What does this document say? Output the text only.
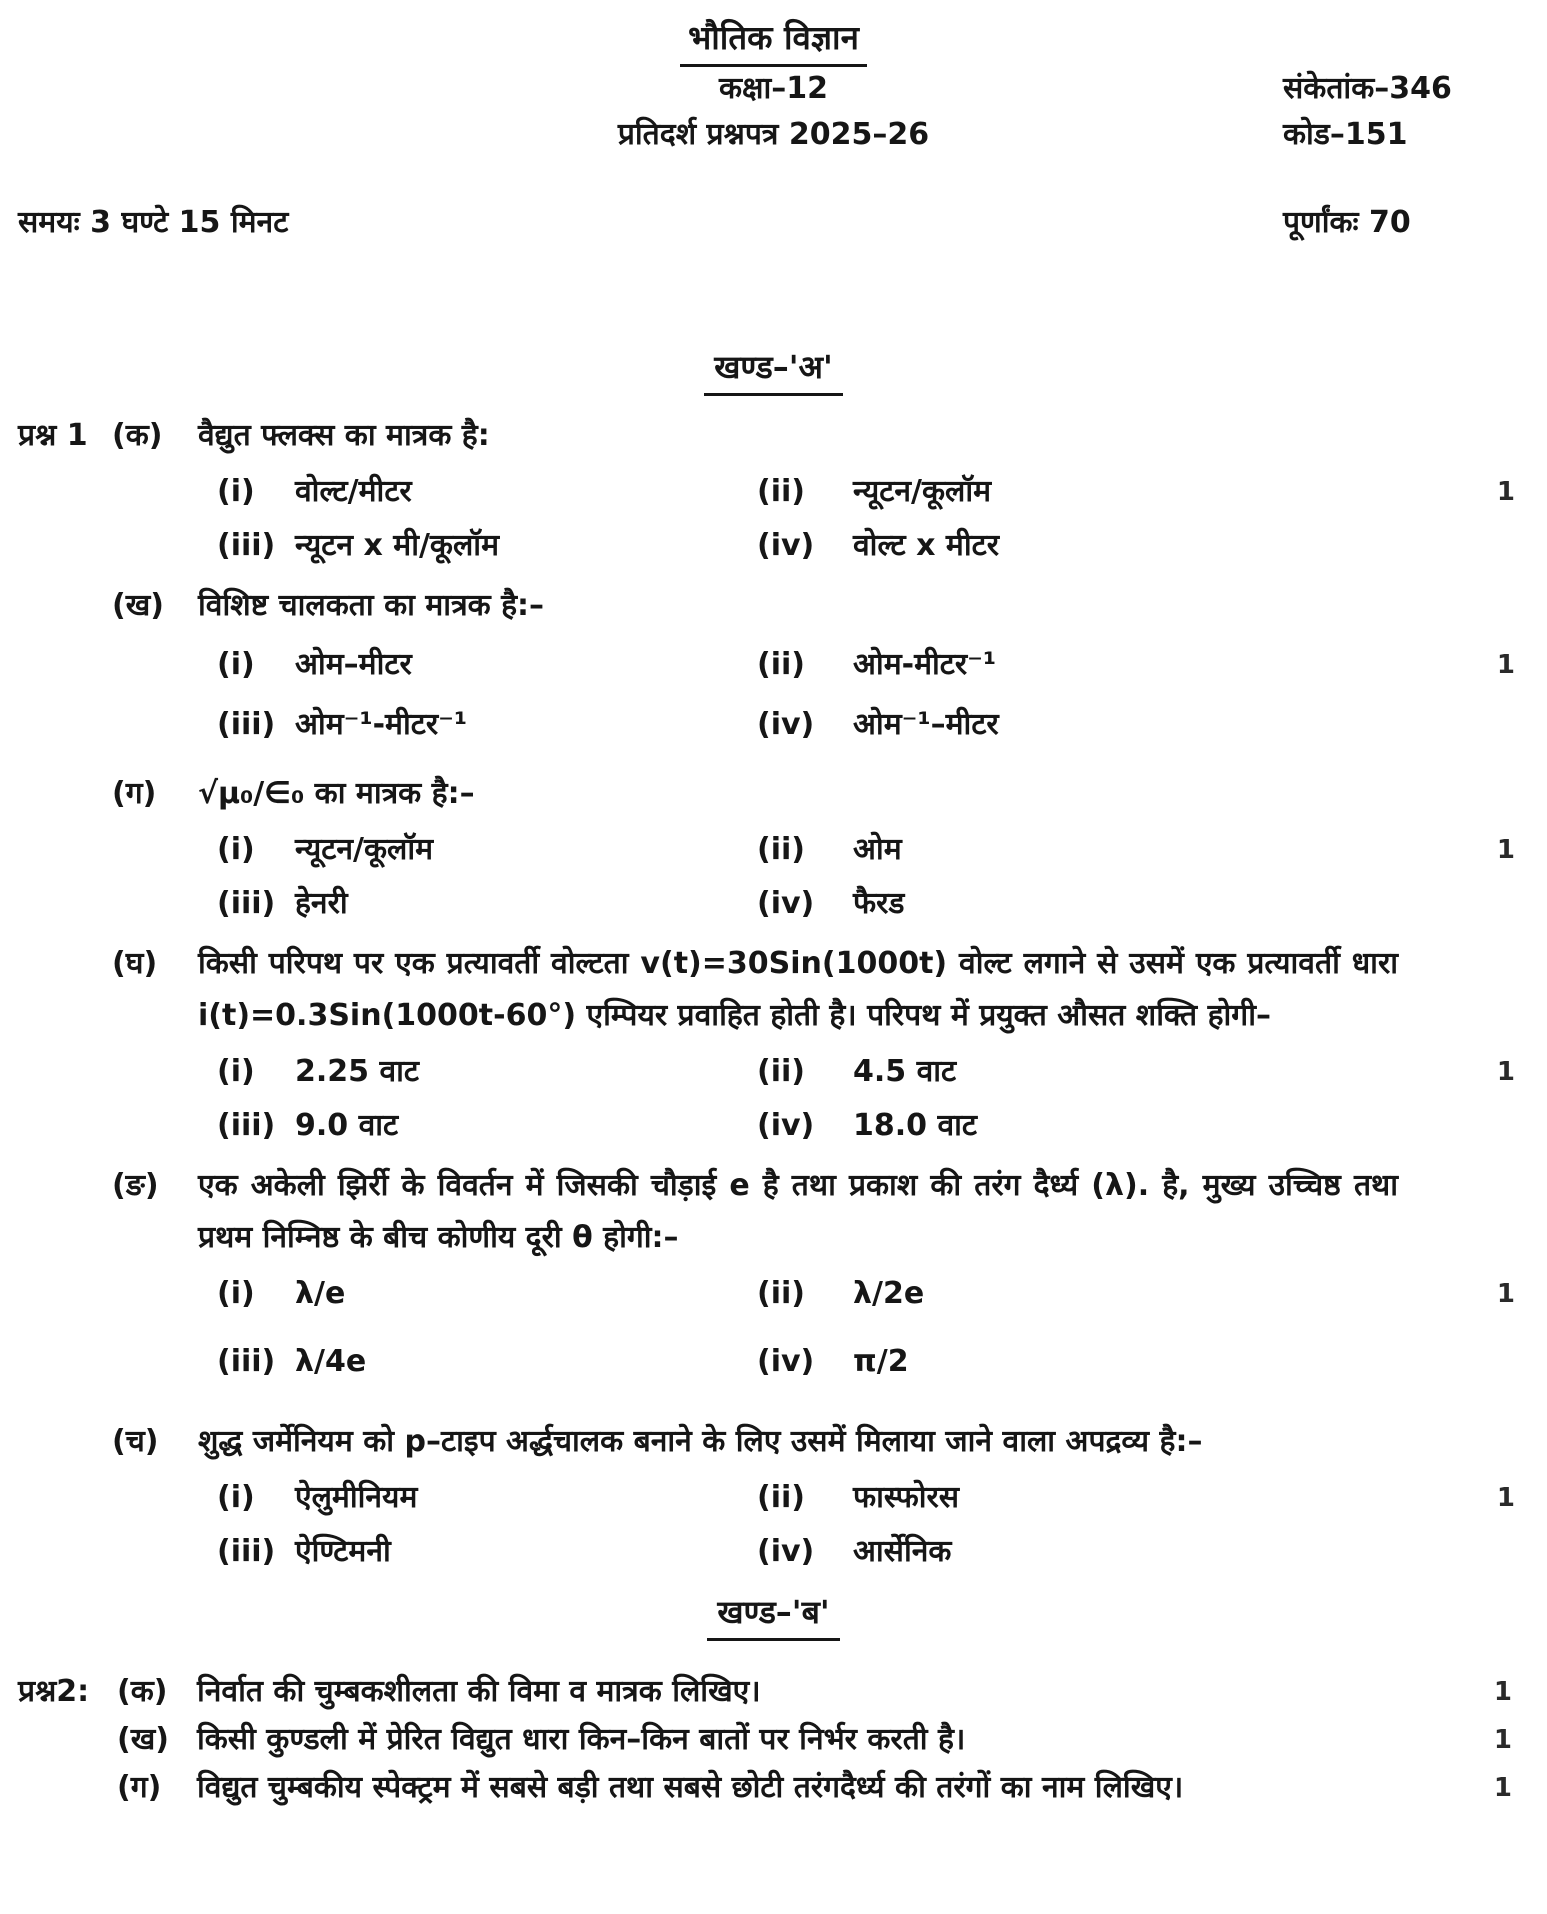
भौतिक विज्ञान
कक्षा–12	संकेतांक–346
प्रतिदर्श प्रश्नपत्र 2025–26	कोड–151
समयः 3 घण्टे 15 मिनट	पूर्णांकः 70
खण्ड–'अ'
प्रश्न 1 (क)	वैद्युत फ्लक्स का मात्रक है:
(i)	वोल्ट/मीटर	(ii)	न्यूटन/कूलॉम	1
(iii) न्यूटन x मी/कूलॉम	(iv)	वोल्ट x मीटर
(ख)	विशिष्ट चालकता का मात्रक है:–
(i)	ओम–मीटर	(ii)	ओम-मीटर⁻¹	1
(iii) ओम⁻¹-मीटर⁻¹	(iv)	ओम⁻¹–मीटर
(ग)	√μ₀/∈₀ का मात्रक है:–
(i)	न्यूटन/कूलॉम	(ii)	ओम	1
(iii) हेनरी	(iv)	फैरड
(घ)	किसी परिपथ पर एक प्रत्यावर्ती वोल्टता v(t)=30Sin(1000t) वोल्ट लगाने से उसमें एक प्रत्यावर्ती धारा i(t)=0.3Sin(1000t-60°) एम्पियर प्रवाहित होती है। परिपथ में प्रयुक्त औसत शक्ति होगी–
(i)	2.25 वाट	(ii)	4.5 वाट	1
(iii) 9.0 वाट	(iv)	18.0 वाट
(ङ)	एक अकेली झिर्री के विवर्तन में जिसकी चौड़ाई e है तथा प्रकाश की तरंग दैर्ध्य (λ). है, मुख्य उच्चिष्ठ तथा प्रथम निम्निष्ठ के बीच कोणीय दूरी θ होगी:–
(i)	λ/e	(ii)	λ/2e	1
(iii) λ/4e	(iv)	π/2
(च)	शुद्ध जर्मेनियम को p–टाइप अर्द्धचालक बनाने के लिए उसमें मिलाया जाने वाला अपद्रव्य है:–
(i)	ऐलुमीनियम	(ii)	फास्फोरस	1
(iii) ऐण्टिमनी	(iv)	आर्सेनिक
खण्ड–'ब'
प्रश्न2: (क) निर्वात की चुम्बकशीलता की विमा व मात्रक लिखिए।	1
(ख) किसी कुण्डली में प्रेरित विद्युत धारा किन–किन बातों पर निर्भर करती है।	1
(ग)	विद्युत चुम्बकीय स्पेक्ट्रम में सबसे बड़ी तथा सबसे छोटी तरंगदैर्ध्य की तरंगों का नाम लिखिए।	1
